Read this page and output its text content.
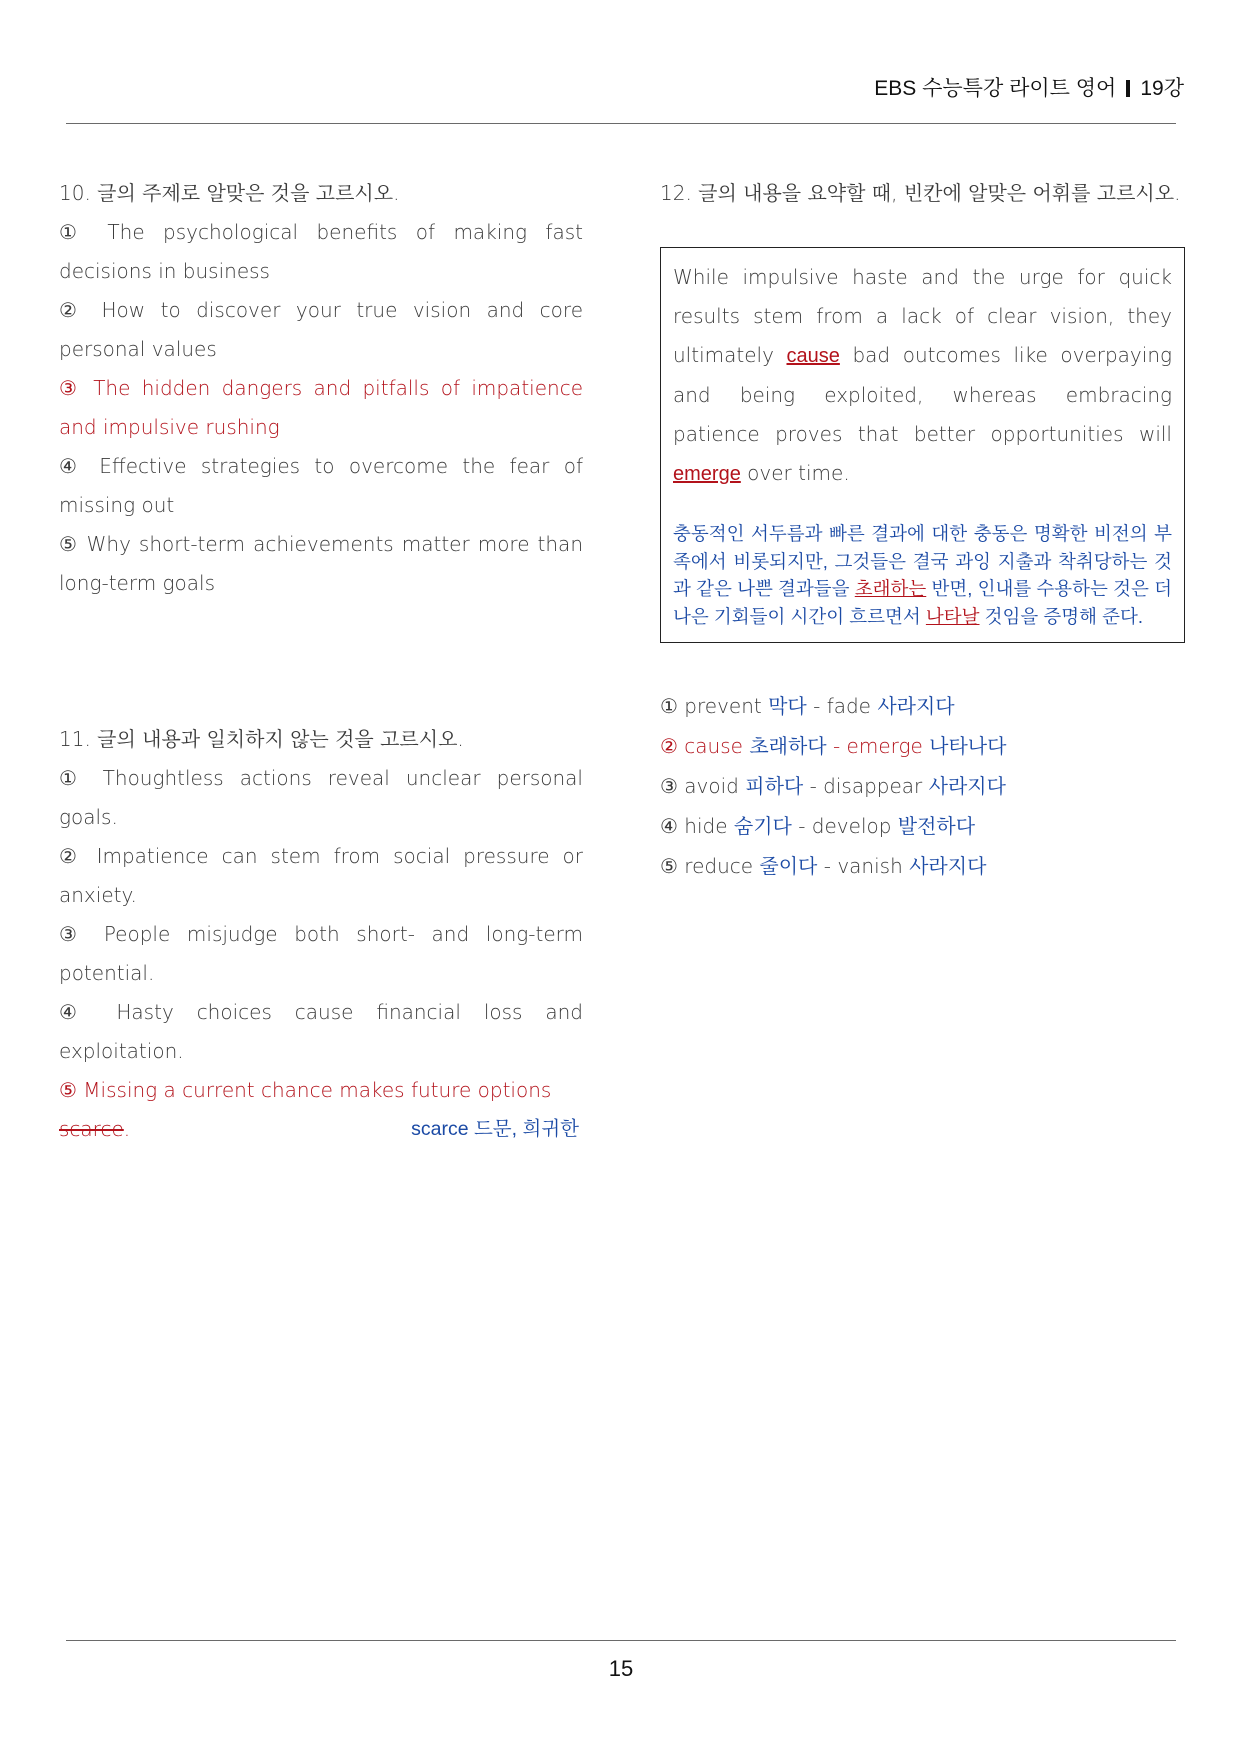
EBS 수능특강 라이트 영어 19강

10. 글의 주제로 알맞은 것을 고르시오.

① The psychological benefits of making fast decisions in business

② How to discover your true vision and core personal values

③ The hidden dangers and pitfalls of impatience and impulsive rushing

④ Effective strategies to overcome the fear of missing out

⑤ Why short-term achievements matter more than long-term goals

11. 글의 내용과 일치하지 않는 것을 고르시오.

① Thoughtless actions reveal unclear personal goals.

② Impatience can stem from social pressure or anxiety.

③ People misjudge both short- and long-term potential.

④ Hasty choices cause financial loss and exploitation.

⑤ Missing a current chance makes future options

scarce.	scarce 드문, 희귀한

12. 글의 내용을 요약할 때, 빈칸에 알맞은 어휘를 고르시오.

While impulsive haste and the urge for quick results stem from a lack of clear vision, they ultimately cause bad outcomes like overpaying and being exploited, whereas embracing patience proves that better opportunities will emerge over time.

충동적인 서두름과 빠른 결과에 대한 충동은 명확한 비전의 부족에서 비롯되지만, 그것들은 결국 과잉 지출과 착취당하는 것과 같은 나쁜 결과들을 초래하는 반면, 인내를 수용하는 것은 더 나은 기회들이 시간이 흐르면서 나타날 것임을 증명해 준다.

① prevent 막다 - fade 사라지다

② cause 초래하다 - emerge 나타나다

③ avoid 피하다 - disappear 사라지다

④ hide 숨기다 - develop 발전하다

⑤ reduce 줄이다 - vanish 사라지다

15
